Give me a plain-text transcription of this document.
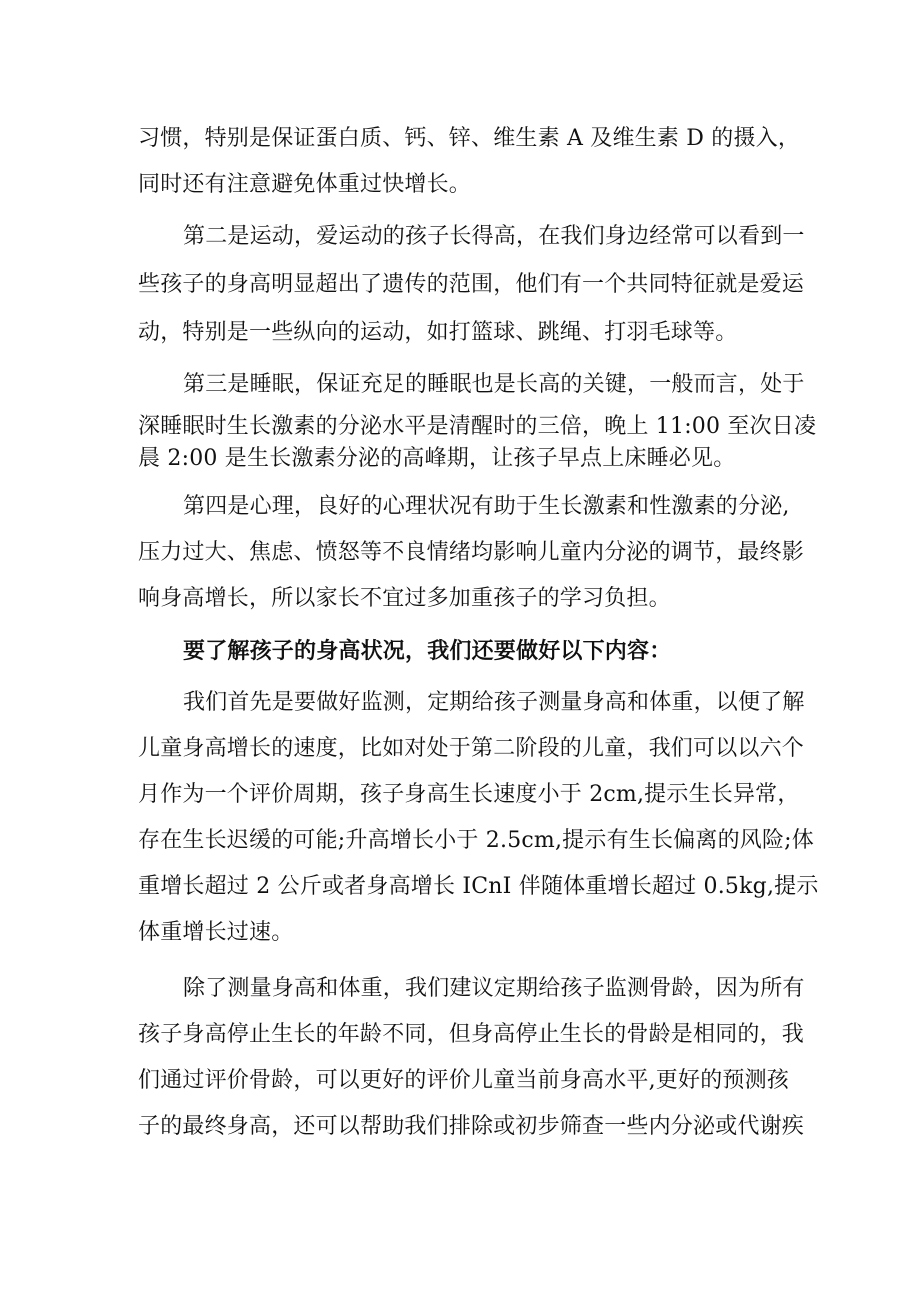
习惯，特别是保证蛋白质、钙、锌、维生素 A 及维生素 D 的摄入，
同时还有注意避免体重过快增长。
第二是运动，爱运动的孩子长得高，在我们身边经常可以看到一
些孩子的身高明显超出了遗传的范围，他们有一个共同特征就是爱运
动，特别是一些纵向的运动，如打篮球、跳绳、打羽毛球等。
第三是睡眠，保证充足的睡眠也是长高的关键，一般而言，处于
深睡眠时生长激素的分泌水平是清醒时的三倍，晚上 11:00 至次日凌
晨 2:00 是生长激素分泌的高峰期，让孩子早点上床睡必见。
第四是心理，良好的心理状况有助于生长激素和性激素的分泌,
压力过大、焦虑、愤怒等不良情绪均影响儿童内分泌的调节，最终影
响身高增长，所以家长不宜过多加重孩子的学习负担。
要了解孩子的身高状况，我们还要做好以下内容：
我们首先是要做好监测，定期给孩子测量身高和体重，以便了解
儿童身高增长的速度，比如对处于第二阶段的儿童，我们可以以六个
月作为一个评价周期，孩子身高生长速度小于 2cm,提示生长异常，
存在生长迟缓的可能;升高增长小于 2.5cm,提示有生长偏离的风险;体
重增长超过 2 公斤或者身高增长 ICnI 伴随体重增长超过 0.5kg,提示
体重增长过速。
除了测量身高和体重，我们建议定期给孩子监测骨龄，因为所有
孩子身高停止生长的年龄不同，但身高停止生长的骨龄是相同的，我
们通过评价骨龄，可以更好的评价儿童当前身高水平,更好的预测孩
子的最终身高，还可以帮助我们排除或初步筛查一些内分泌或代谢疾
